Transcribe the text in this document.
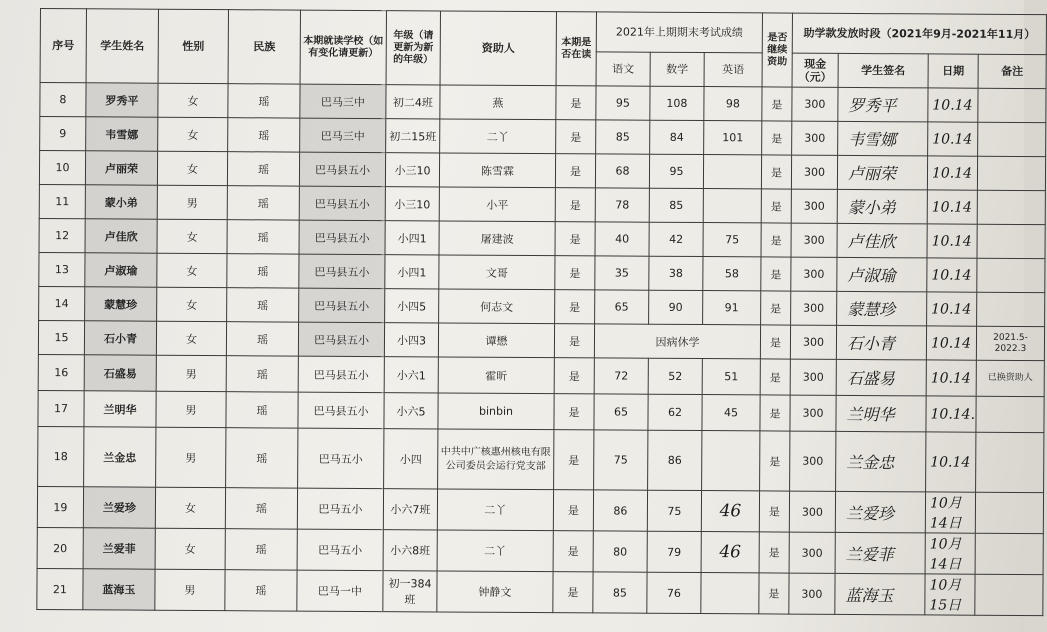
序号	学生姓名	性别	民族	本期就读学校（如有变化请更新）	年级（请更新为新的年级）	资助人	本期是否在读	2021年上期期末考试成绩			是否继续资助	助学款发放时段（2021年9月-2021年11月）			
								语文	数学	英语		现金（元）	学生签名	日期	备注
8	罗秀平	女	瑶	巴马三中	初二4班	燕	是	95	108	98	是	300	罗秀平	10.14	
9	韦雪娜	女	瑶	巴马三中	初二15班	二丫	是	85	84	101	是	300	韦雪娜	10.14	
10	卢丽荣	女	瑶	巴马县五小	小三10	陈雪霖	是	68	95		是	300	卢丽荣	10.14	
11	蒙小弟	男	瑶	巴马县五小	小三10	小平	是	78	85		是	300	蒙小弟	10.14	
12	卢佳欣	女	瑶	巴马县五小	小四1	屠建波	是	40	42	75	是	300	卢佳欣	10.14	
13	卢淑瑜	女	瑶	巴马县五小	小四1	文哥	是	35	38	58	是	300	卢淑瑜	10.14	
14	蒙慧珍	女	瑶	巴马县五小	小四5	何志文	是	65	90	91	是	300	蒙慧珍	10.14	
15	石小青	女	瑶	巴马县五小	小四3	谭懋	是	因病休学			是	300	石小青	10.14	2021.5-2022.3
16	石盛易	男	瑶	巴马县五小	小六1	霍昕	是	72	52	51	是	300	石盛易	10.14	已换资助人
17	兰明华	男	瑶	巴马县五小	小六5	binbin	是	65	62	45	是	300	兰明华	10.14.	
18	兰金忠	男	瑶	巴马五小	小四	中共中广核惠州核电有限公司委员会运行党支部	是	75	86		是	300	兰金忠	10.14	
19	兰爱珍	女	瑶	巴马五小	小六7班	二丫	是	86	75	46	是	300	兰爱珍	10月14日	
20	兰爱菲	女	瑶	巴马五小	小六8班	二丫	是	80	79	46	是	300	兰爱菲	10月14日	
21	蓝海玉	男	瑶	巴马一中	初一384班	钟静文	是	85	76		是	300	蓝海玉	10月15日	
